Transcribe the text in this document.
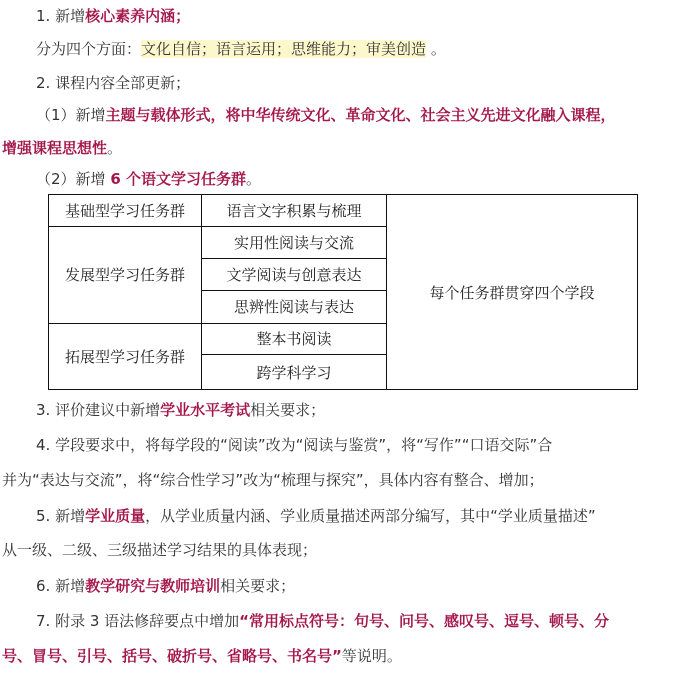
1. 新增核心素养内涵；
分为四个方面：文化自信；语言运用；思维能力；审美创造 。
2. 课程内容全部更新；
（1）新增主题与载体形式，将中华传统文化、革命文化、社会主义先进文化融入课程，
增强课程思想性。
（2）新增 6 个语文学习任务群。
基础型学习任务群	语言文字积累与梳理	每个任务群贯穿四个学段
发展型学习任务群	实用性阅读与交流	
	文学阅读与创意表达	
	思辨性阅读与表达	
拓展型学习任务群	整本书阅读	
	跨学科学习	
3. 评价建议中新增学业水平考试相关要求；
4. 学段要求中，将每学段的“阅读”改为“阅读与鉴赏”，将“写作”“口语交际”合
并为“表达与交流”，将“综合性学习”改为“梳理与探究”，具体内容有整合、增加；
5. 新增学业质量，从学业质量内涵、学业质量描述两部分编写，其中“学业质量描述”
从一级、二级、三级描述学习结果的具体表现；
6. 新增教学研究与教师培训相关要求；
7. 附录 3 语法修辞要点中增加“常用标点符号：句号、问号、感叹号、逗号、顿号、分
号、冒号、引号、括号、破折号、省略号、书名号”等说明。
